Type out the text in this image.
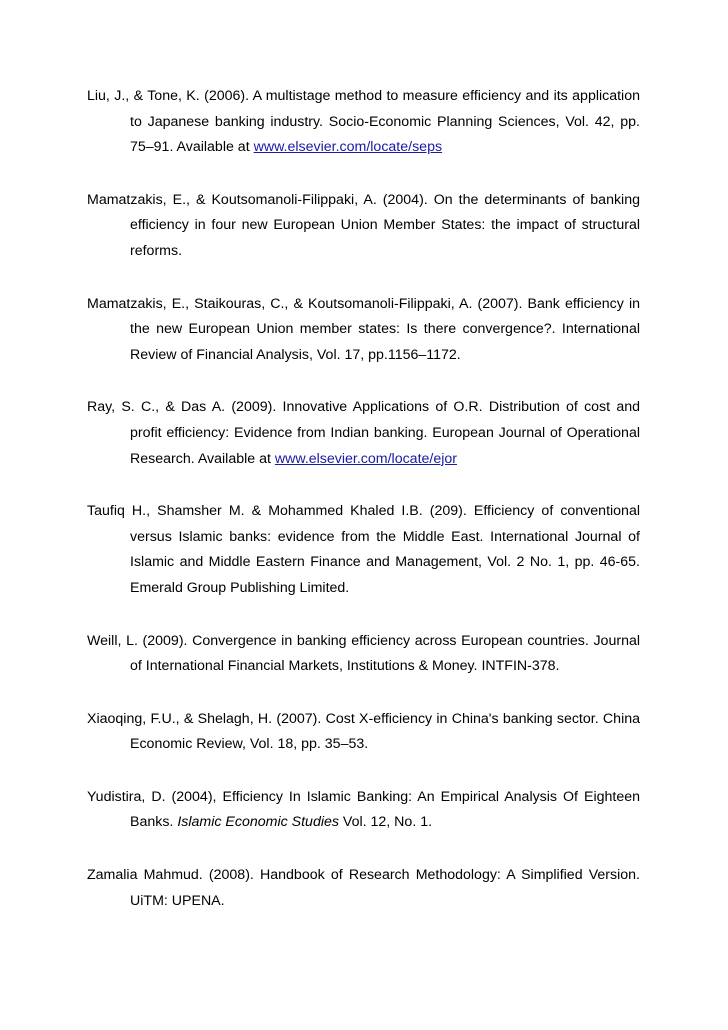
Liu, J., & Tone, K. (2006). A multistage method to measure efficiency and its application to Japanese banking industry. Socio-Economic Planning Sciences, Vol. 42, pp. 75–91. Available at www.elsevier.com/locate/seps

Mamatzakis, E., & Koutsomanoli-Filippaki, A. (2004). On the determinants of banking efficiency in four new European Union Member States: the impact of structural reforms.

Mamatzakis, E., Staikouras, C., & Koutsomanoli-Filippaki, A. (2007). Bank efficiency in the new European Union member states: Is there convergence?. International Review of Financial Analysis, Vol. 17, pp.1156–1172.

Ray, S. C., & Das A. (2009). Innovative Applications of O.R. Distribution of cost and profit efficiency: Evidence from Indian banking. European Journal of Operational Research. Available at www.elsevier.com/locate/ejor

Taufiq H., Shamsher M. & Mohammed Khaled I.B. (209). Efficiency of conventional versus Islamic banks: evidence from the Middle East. International Journal of Islamic and Middle Eastern Finance and Management, Vol. 2 No. 1, pp. 46-65. Emerald Group Publishing Limited.

Weill, L. (2009). Convergence in banking efficiency across European countries. Journal of International Financial Markets, Institutions & Money. INTFIN-378.

Xiaoqing, F.U., & Shelagh, H. (2007). Cost X-efficiency in China's banking sector. China Economic Review, Vol. 18, pp. 35–53.

Yudistira, D. (2004), Efficiency In Islamic Banking: An Empirical Analysis Of Eighteen Banks. Islamic Economic Studies Vol. 12, No. 1.

Zamalia Mahmud. (2008). Handbook of Research Methodology: A Simplified Version. UiTM: UPENA.
